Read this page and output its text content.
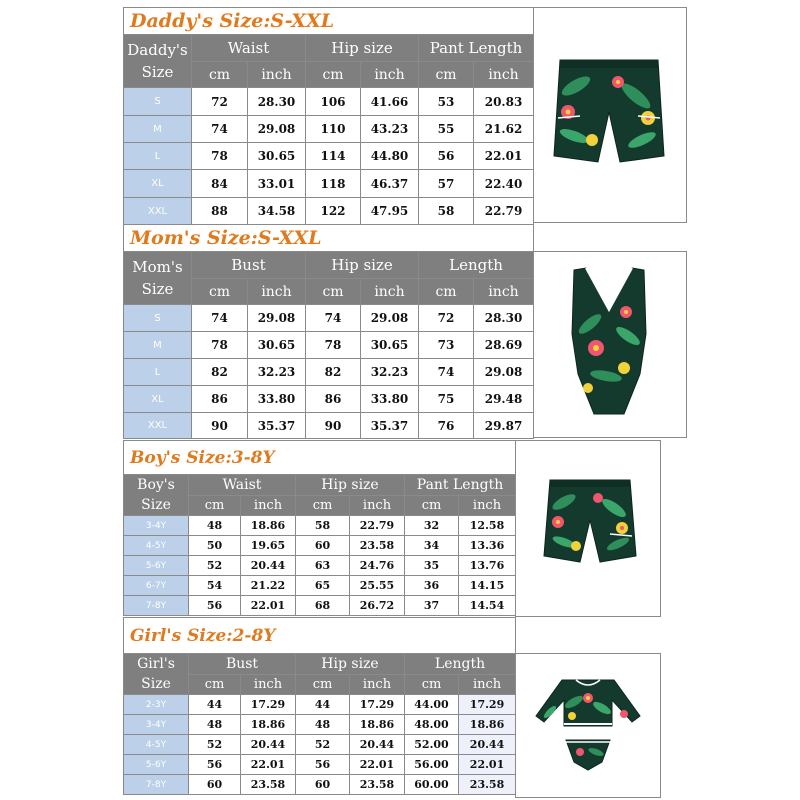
Daddy's Size:S-XXL						
Daddy's Size	Waist		Hip size		Pant Length	
	cm	inch	cm	inch	cm	inch
S	72	28.30	106	41.66	53	20.83
M	74	29.08	110	43.23	55	21.62
L	78	30.65	114	44.80	56	22.01
XL	84	33.01	118	46.37	57	22.40
XXL	88	34.58	122	47.95	58	22.79
Mom's Size:S-XXL						
Mom's Size	Bust		Hip size		Length	
	cm	inch	cm	inch	cm	inch
S	74	29.08	74	29.08	72	28.30
M	78	30.65	78	30.65	73	28.69
L	82	32.23	82	32.23	74	29.08
XL	86	33.80	86	33.80	75	29.48
XXL	90	35.37	90	35.37	76	29.87
Boy's Size:3-8Y						
Boy's Size	Waist		Hip size		Pant Length	
	cm	inch	cm	inch	cm	inch
3-4Y	48	18.86	58	22.79	32	12.58
4-5Y	50	19.65	60	23.58	34	13.36
5-6Y	52	20.44	63	24.76	35	13.76
6-7Y	54	21.22	65	25.55	36	14.15
7-8Y	56	22.01	68	26.72	37	14.54
Girl's Size:2-8Y						
Girl's Size	Bust		Hip size		Length	
	cm	inch	cm	inch	cm	inch
2-3Y	44	17.29	44	17.29	44.00	17.29
3-4Y	48	18.86	48	18.86	48.00	18.86
4-5Y	52	20.44	52	20.44	52.00	20.44
5-6Y	56	22.01	56	22.01	56.00	22.01
7-8Y	60	23.58	60	23.58	60.00	23.58
